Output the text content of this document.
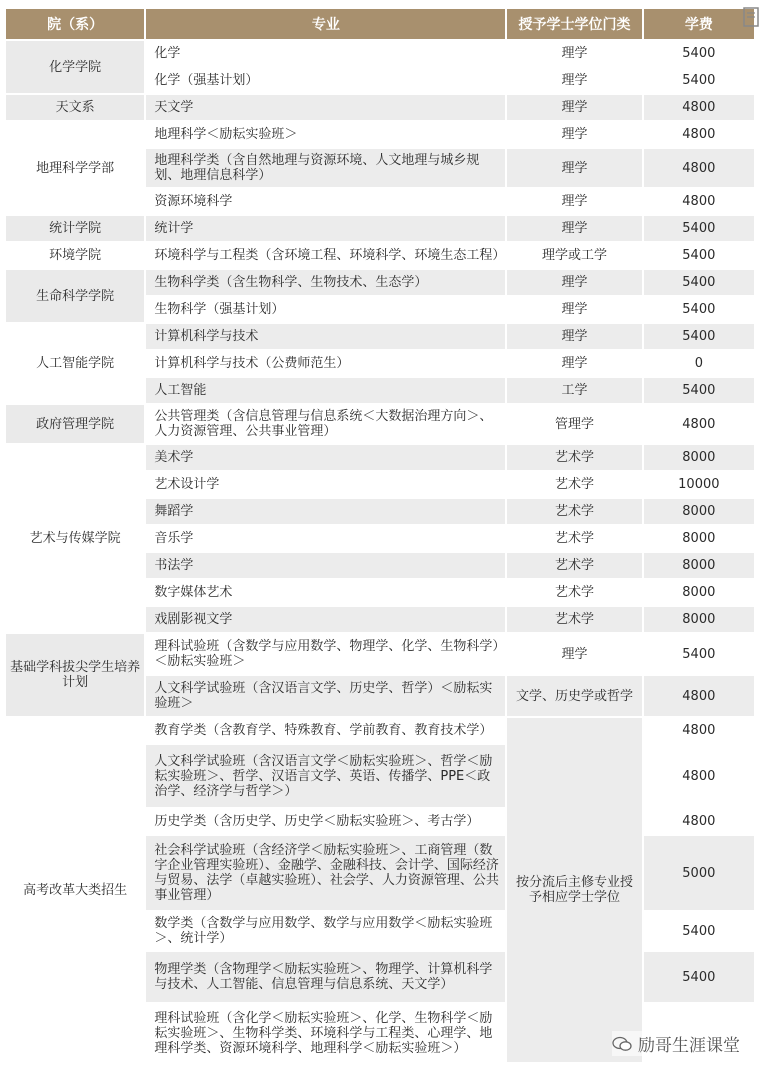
院（系）	专业	授予学士学位门类	学费
化学学院	化学	理学	5400
	化学（强基计划）	理学	5400
天文系	天文学	理学	4800
地理科学学部	地理科学＜励耘实验班＞	理学	4800
	地理科学类（含自然地理与资源环境、人文地理与城乡规划、地理信息科学）	理学	4800
	资源环境科学	理学	4800
统计学院	统计学	理学	5400
环境学院	环境科学与工程类（含环境工程、环境科学、环境生态工程）	理学或工学	5400
生命科学学院	生物科学类（含生物科学、生物技术、生态学）	理学	5400
	生物科学（强基计划）	理学	5400
人工智能学院	计算机科学与技术	理学	5400
	计算机科学与技术（公费师范生）	理学	0
	人工智能	工学	5400
政府管理学院	公共管理类（含信息管理与信息系统＜大数据治理方向＞、人力资源管理、公共事业管理）	管理学	4800
艺术与传媒学院	美术学	艺术学	8000
	艺术设计学	艺术学	10000
	舞蹈学	艺术学	8000
	音乐学	艺术学	8000
	书法学	艺术学	8000
	数字媒体艺术	艺术学	8000
	戏剧影视文学	艺术学	8000
基础学科拔尖学生培养计划	理科试验班（含数学与应用数学、物理学、化学、生物科学）＜励耘实验班＞	理学	5400
	人文科学试验班（含汉语言文学、历史学、哲学）＜励耘实验班＞	文学、历史学或哲学	4800
高考改革大类招生	教育学类（含教育学、特殊教育、学前教育、教育技术学）	按分流后主修专业授予相应学士学位	4800
	人文科学试验班（含汉语言文学＜励耘实验班＞、哲学＜励耘实验班＞、哲学、汉语言文学、英语、传播学、PPE＜政治学、经济学与哲学＞）		4800
	历史学类（含历史学、历史学＜励耘实验班＞、考古学）		4800
	社会科学试验班（含经济学＜励耘实验班＞、工商管理（数字企业管理实验班）、金融学、金融科技、会计学、国际经济与贸易、法学（卓越实验班）、社会学、人力资源管理、公共事业管理）		5000
	数学类（含数学与应用数学、数学与应用数学＜励耘实验班＞、统计学）		5400
	物理学类（含物理学＜励耘实验班＞、物理学、计算机科学与技术、人工智能、信息管理与信息系统、天文学）		5400
	理科试验班（含化学＜励耘实验班＞、化学、生物科学＜励耘实验班＞、生物科学类、环境科学与工程类、心理学、地理科学类、资源环境科学、地理科学＜励耘实验班＞）			励哥生涯课堂
